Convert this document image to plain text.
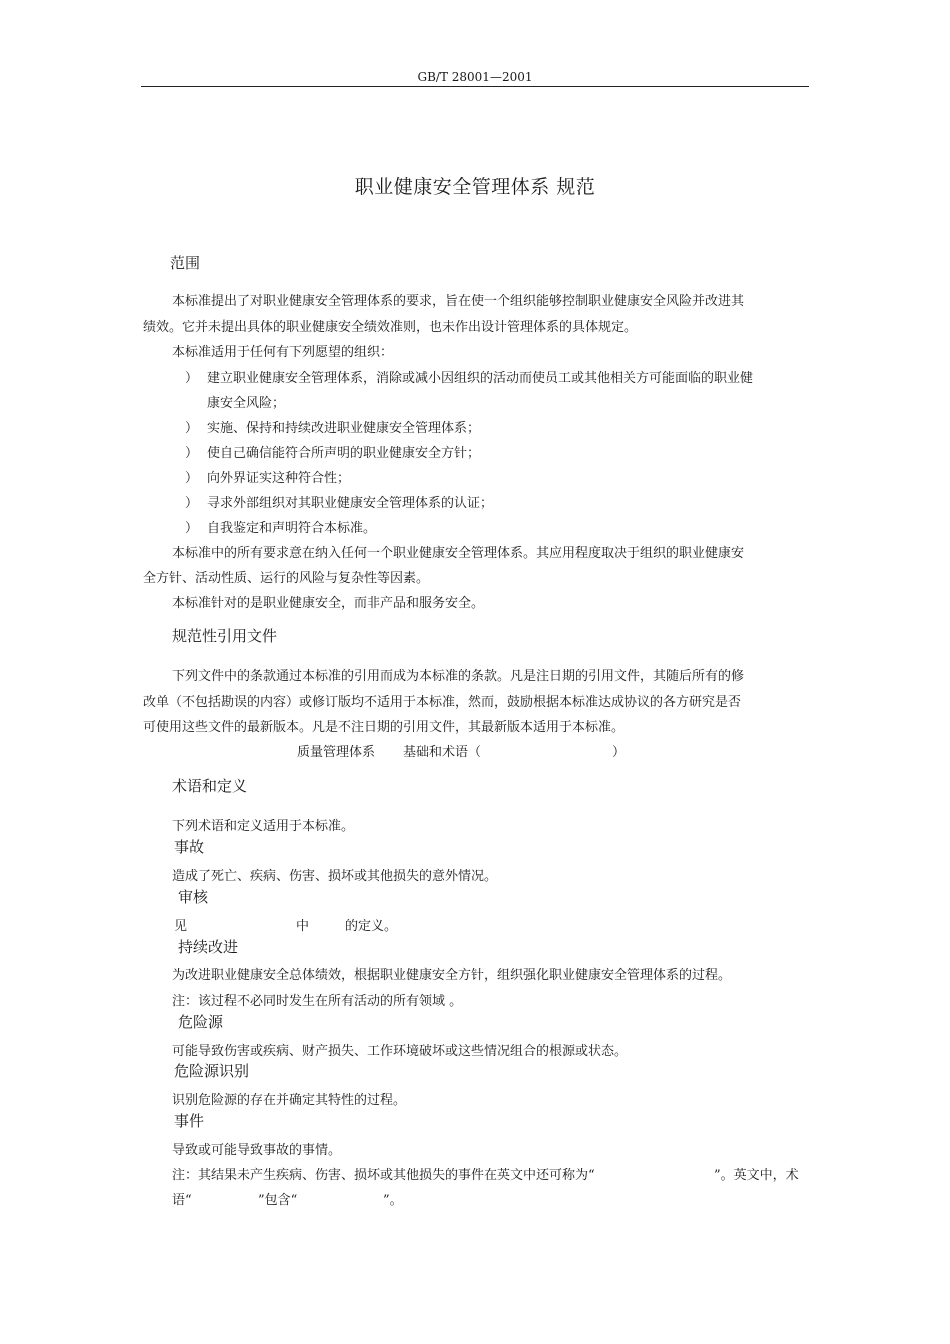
GB/T 28001—2001
职业健康安全管理体系 规范
范围
本标准提出了对职业健康安全管理体系的要求，旨在使一个组织能够控制职业健康安全风险并改进其
绩效。它并未提出具体的职业健康安全绩效准则，也未作出设计管理体系的具体规定。
本标准适用于任何有下列愿望的组织：
） 建立职业健康安全管理体系，消除或减小因组织的活动而使员工或其他相关方可能面临的职业健
康安全风险；
） 实施、保持和持续改进职业健康安全管理体系；
） 使自己确信能符合所声明的职业健康安全方针；
） 向外界证实这种符合性；
） 寻求外部组织对其职业健康安全管理体系的认证；
） 自我鉴定和声明符合本标准。
本标准中的所有要求意在纳入任何一个职业健康安全管理体系。其应用程度取决于组织的职业健康安
全方针、活动性质、运行的风险与复杂性等因素。
本标准针对的是职业健康安全，而非产品和服务安全。
规范性引用文件
下列文件中的条款通过本标准的引用而成为本标准的条款。凡是注日期的引用文件，其随后所有的修
改单（不包括勘误的内容）或修订版均不适用于本标准，然而，鼓励根据本标准达成协议的各方研究是否
可使用这些文件的最新版本。凡是不注日期的引用文件，其最新版本适用于本标准。
质量管理体系 基础和术语（	）
术语和定义
下列术语和定义适用于本标准。
事故
造成了死亡、疾病、伤害、损坏或其他损失的意外情况。
审核
见	中	的定义。
持续改进
为改进职业健康安全总体绩效，根据职业健康安全方针，组织强化职业健康安全管理体系的过程。
注：该过程不必同时发生在所有活动的所有领域 。
危险源
可能导致伤害或疾病、财产损失、工作环境破坏或这些情况组合的根源或状态。
危险源识别
识别危险源的存在并确定其特性的过程。
事件
导致或可能导致事故的事情。
注：其结果未产生疾病、伤害、损坏或其他损失的事件在英文中还可称为“	”。英文中，术
语“	”包含“	”。
